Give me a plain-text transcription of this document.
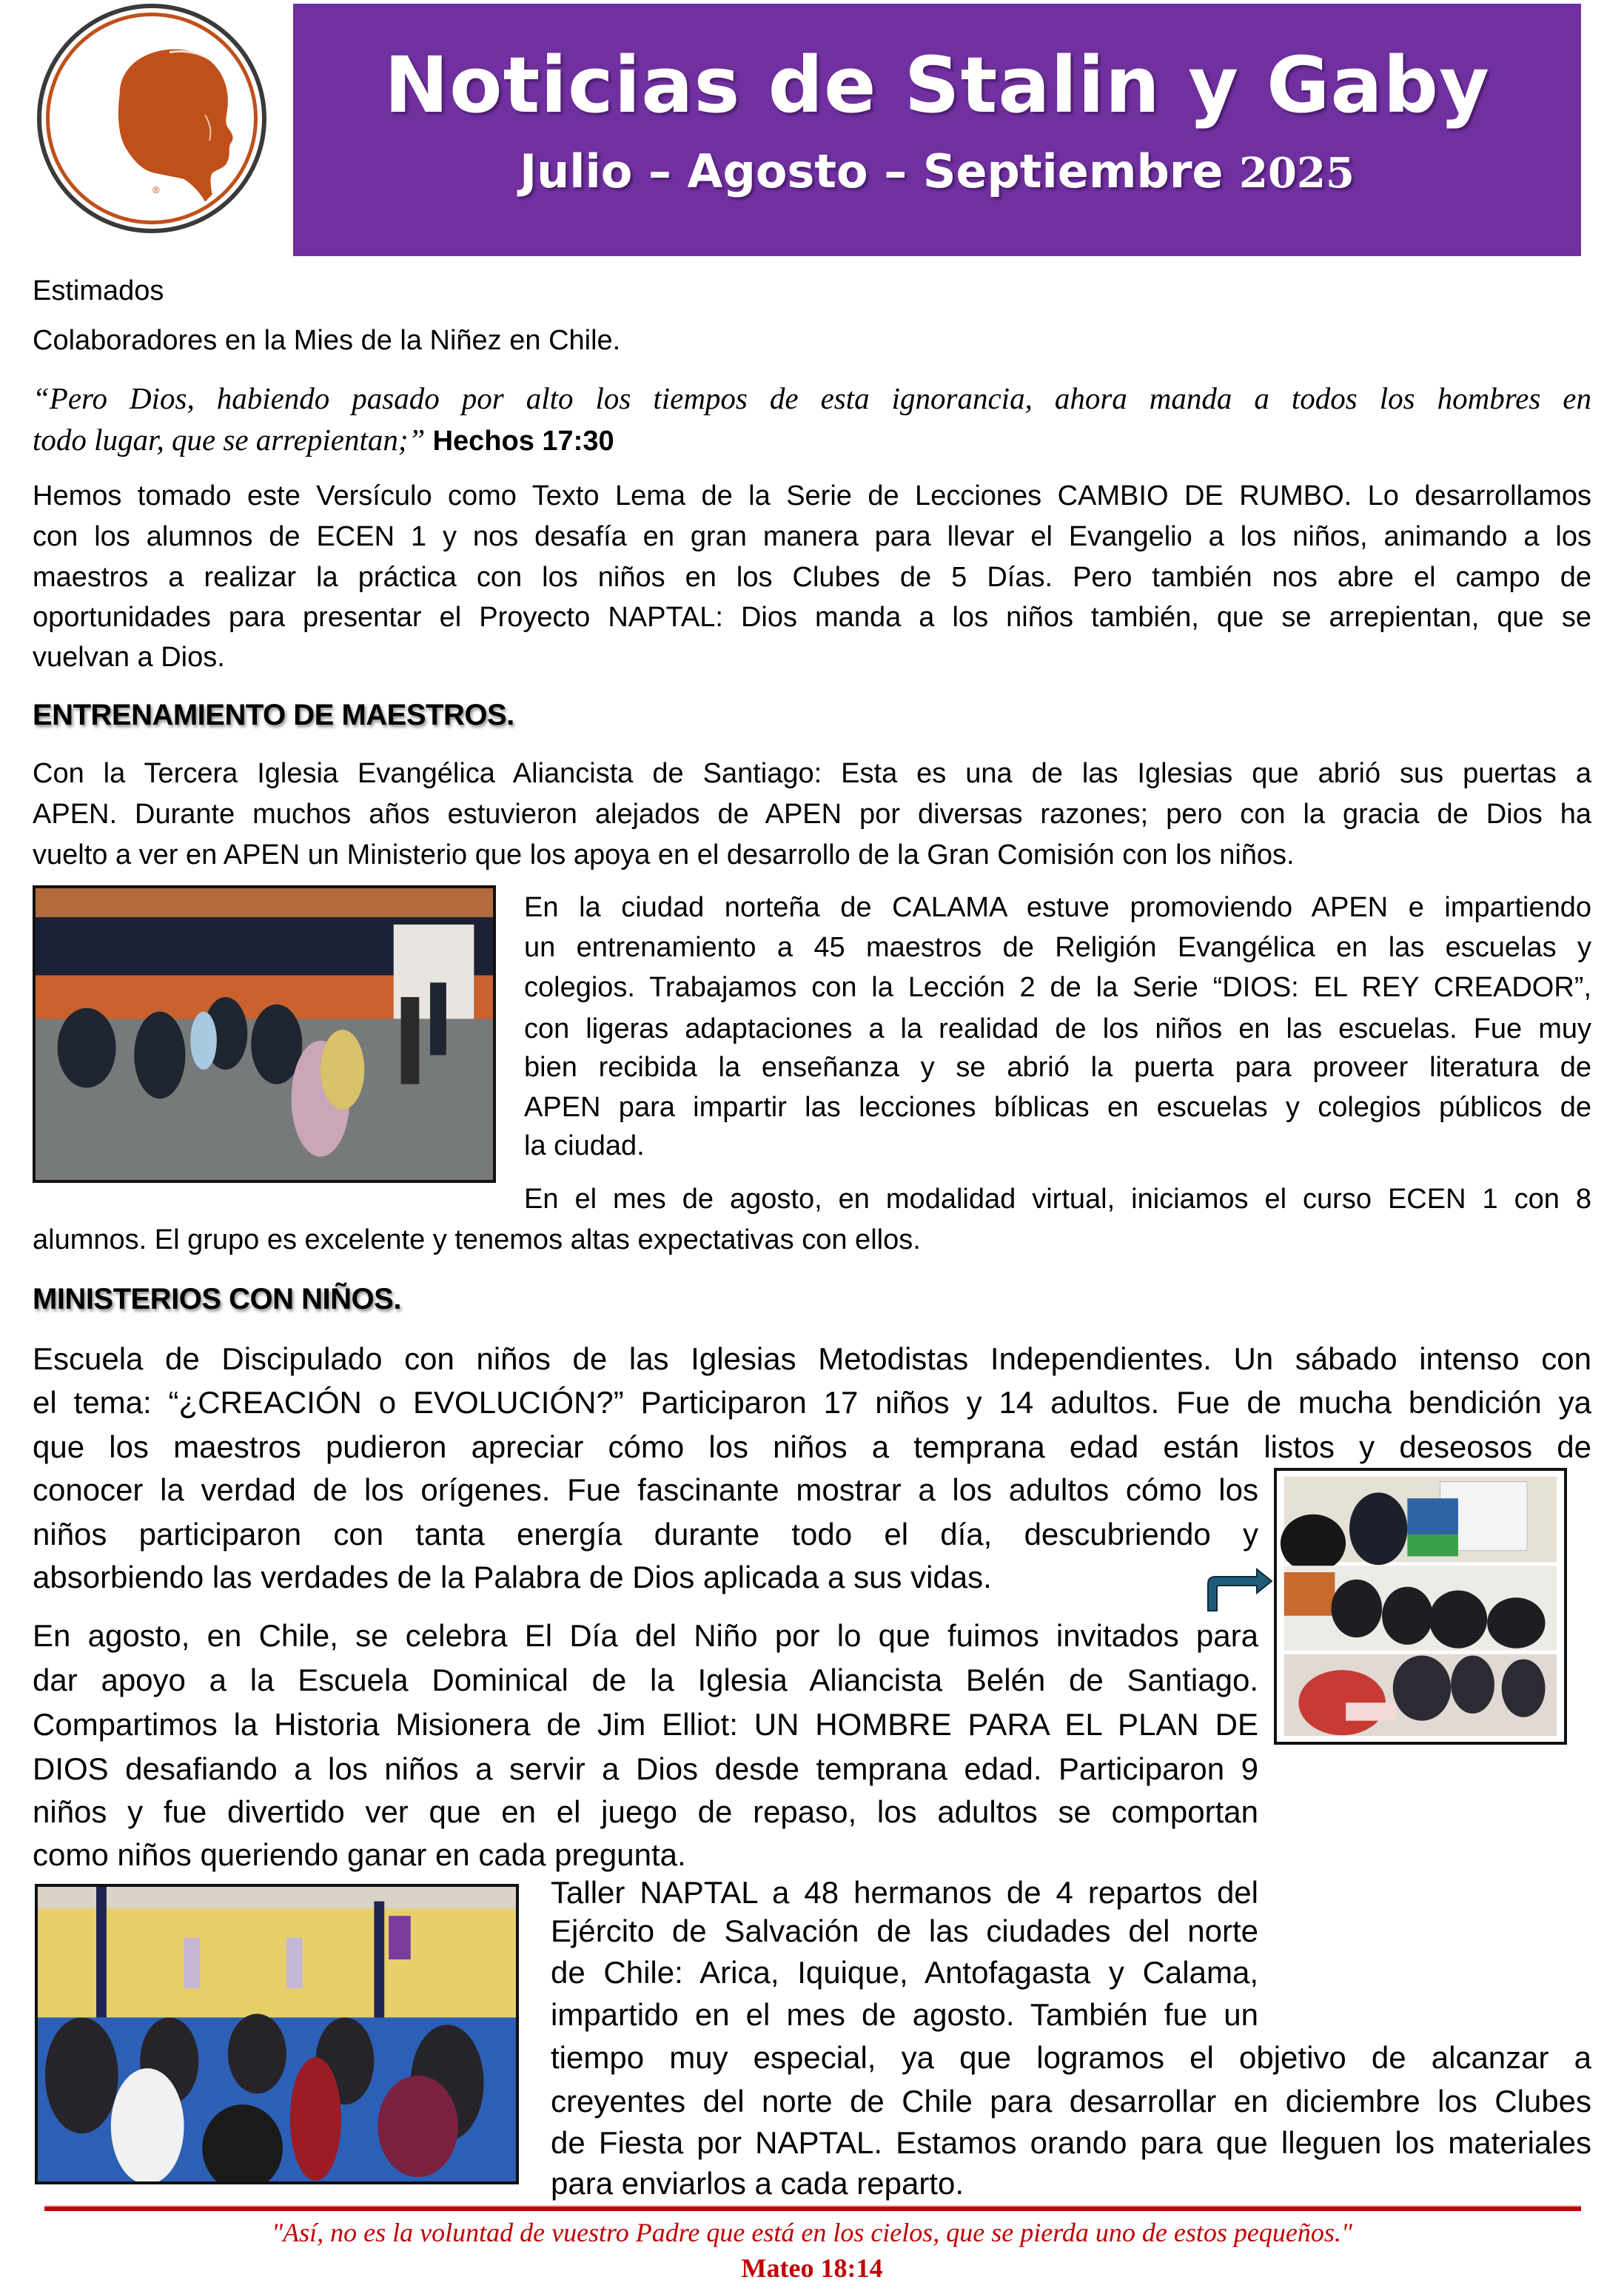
®
Noticias de Stalin y Gaby
Julio – Agosto – Septiembre 2025
Estimados
Colaboradores en la Mies de la Niñez en Chile.
“Pero Dios, habiendo pasado por alto los tiempos de esta ignorancia, ahora manda a todos los hombres en
todo lugar, que se arrepientan;” Hechos 17:30
Hemos tomado este Versículo como Texto Lema de la Serie de Lecciones CAMBIO DE RUMBO. Lo desarrollamos
con los alumnos de ECEN 1 y nos desafía en gran manera para llevar el Evangelio a los niños, animando a los
maestros a realizar la práctica con los niños en los Clubes de 5 Días. Pero también nos abre el campo de
oportunidades para presentar el Proyecto NAPTAL: Dios manda a los niños también, que se arrepientan, que se
vuelvan a Dios.
ENTRENAMIENTO DE MAESTROS.
Con la Tercera Iglesia Evangélica Aliancista de Santiago: Esta es una de las Iglesias que abrió sus puertas a
APEN. Durante muchos años estuvieron alejados de APEN por diversas razones; pero con la gracia de Dios ha
vuelto a ver en APEN un Ministerio que los apoya en el desarrollo de la Gran Comisión con los niños.
En la ciudad norteña de CALAMA estuve promoviendo APEN e impartiendo
un entrenamiento a 45 maestros de Religión Evangélica en las escuelas y
colegios. Trabajamos con la Lección 2 de la Serie “DIOS: EL REY CREADOR”,
con ligeras adaptaciones a la realidad de los niños en las escuelas. Fue muy
bien recibida la enseñanza y se abrió la puerta para proveer literatura de
APEN para impartir las lecciones bíblicas en escuelas y colegios públicos de
la ciudad.
En el mes de agosto, en modalidad virtual, iniciamos el curso ECEN 1 con 8
alumnos. El grupo es excelente y tenemos altas expectativas con ellos.
MINISTERIOS CON NIÑOS.
Escuela de Discipulado con niños de las Iglesias Metodistas Independientes. Un sábado intenso con
el tema: “¿CREACIÓN o EVOLUCIÓN?” Participaron 17 niños y 14 adultos. Fue de mucha bendición ya
que los maestros pudieron apreciar cómo los niños a temprana edad están listos y deseosos de
conocer la verdad de los orígenes. Fue fascinante mostrar a los adultos cómo los
niños participaron con tanta energía durante todo el día, descubriendo y
absorbiendo las verdades de la Palabra de Dios aplicada a sus vidas.
En agosto, en Chile, se celebra El Día del Niño por lo que fuimos invitados para
dar apoyo a la Escuela Dominical de la Iglesia Aliancista Belén de Santiago.
Compartimos la Historia Misionera de Jim Elliot: UN HOMBRE PARA EL PLAN DE
DIOS desafiando a los niños a servir a Dios desde temprana edad. Participaron 9
niños y fue divertido ver que en el juego de repaso, los adultos se comportan
como niños queriendo ganar en cada pregunta.
Taller NAPTAL a 48 hermanos de 4 repartos del
Ejército de Salvación de las ciudades del norte
de Chile: Arica, Iquique, Antofagasta y Calama,
impartido en el mes de agosto. También fue un
tiempo muy especial, ya que logramos el objetivo de alcanzar a
creyentes del norte de Chile para desarrollar en diciembre los Clubes
de Fiesta por NAPTAL. Estamos orando para que lleguen los materiales
para enviarlos a cada reparto.
"Así, no es la voluntad de vuestro Padre que está en los cielos, que se pierda uno de estos pequeños."
Mateo 18:14
